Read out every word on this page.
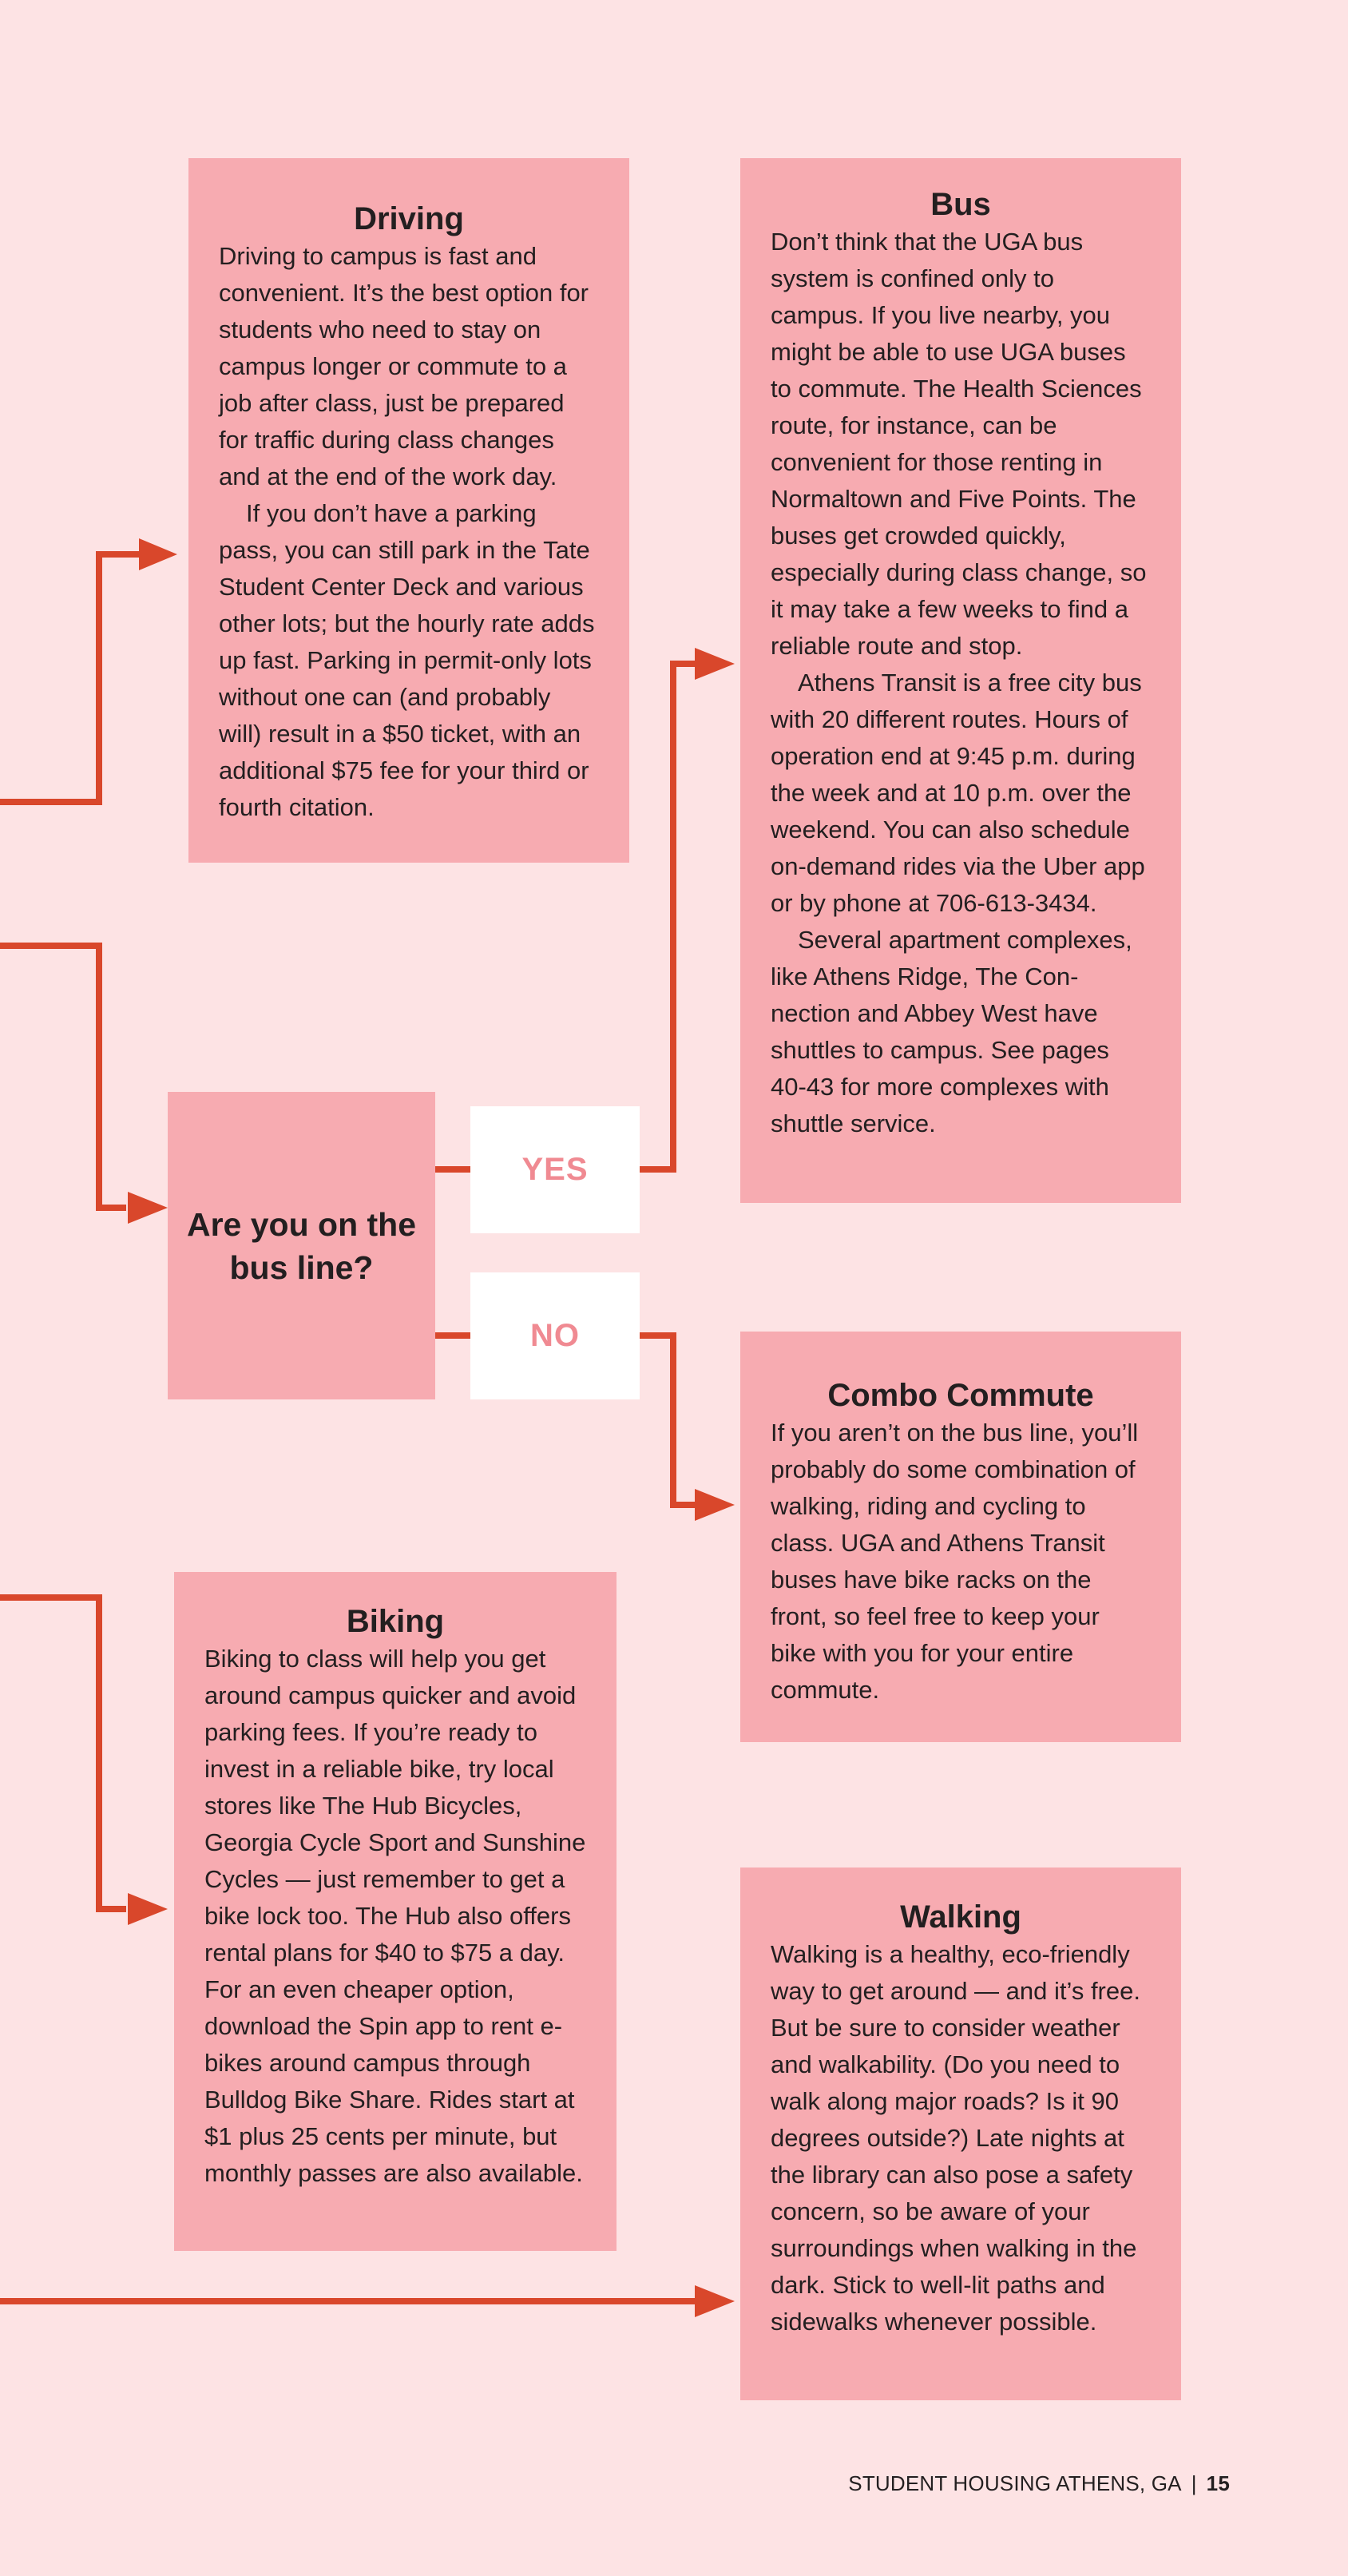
Driving

Driving to campus is fast and convenient. It’s the best option for students who need to stay on campus longer or commute to a job after class, just be prepared for traffic during class changes and at the end of the work day.

If you don’t have a parking pass, you can still park in the Tate Student Center Deck and various other lots; but the hourly rate adds up fast. Parking in permit-only lots without one can (and probably will) result in a $50 ticket, with an additional $75 fee for your third or fourth citation.

Bus

Don’t think that the UGA bus system is confined only to campus. If you live nearby, you might be able to use UGA buses to commute. The Health Sciences route, for instance, can be convenient for those renting in Normaltown and Five Points. The buses get crowded quickly, especially during class change, so it may take a few weeks to find a reliable route and stop.

Athens Transit is a free city bus with 20 different routes. Hours of operation end at 9:45 p.m. during the week and at 10 p.m. over the weekend. You can also schedule on-demand rides via the Uber app or by phone at 706-613-3434.

Several apartment complexes, like Athens Ridge, The Con-nection and Abbey West have shuttles to campus. See pages 40-43 for more complexes with shuttle service.

Are you on the bus line?
YES
NO
Combo Commute

If you aren’t on the bus line, you’ll probably do some combination of walking, riding and cycling to class. UGA and Athens Transit buses have bike racks on the front, so feel free to keep your bike with you for your entire commute.

Biking

Biking to class will help you get around campus quicker and avoid parking fees. If you’re ready to invest in a reliable bike, try local stores like The Hub Bicycles, Georgia Cycle Sport and Sunshine Cycles — just remember to get a bike lock too. The Hub also offers rental plans for $40 to $75 a day. For an even cheaper option, download the Spin app to rent e-bikes around campus through Bulldog Bike Share. Rides start at $1 plus 25 cents per minute, but monthly passes are also available.

Walking

Walking is a healthy, eco-friendly way to get around — and it’s free. But be sure to consider weather and walkability. (Do you need to walk along major roads? Is it 90 degrees outside?) Late nights at the library can also pose a safety concern, so be aware of your surroundings when walking in the dark. Stick to well-lit paths and sidewalks whenever possible.

STUDENT HOUSING ATHENS, GA | 15
